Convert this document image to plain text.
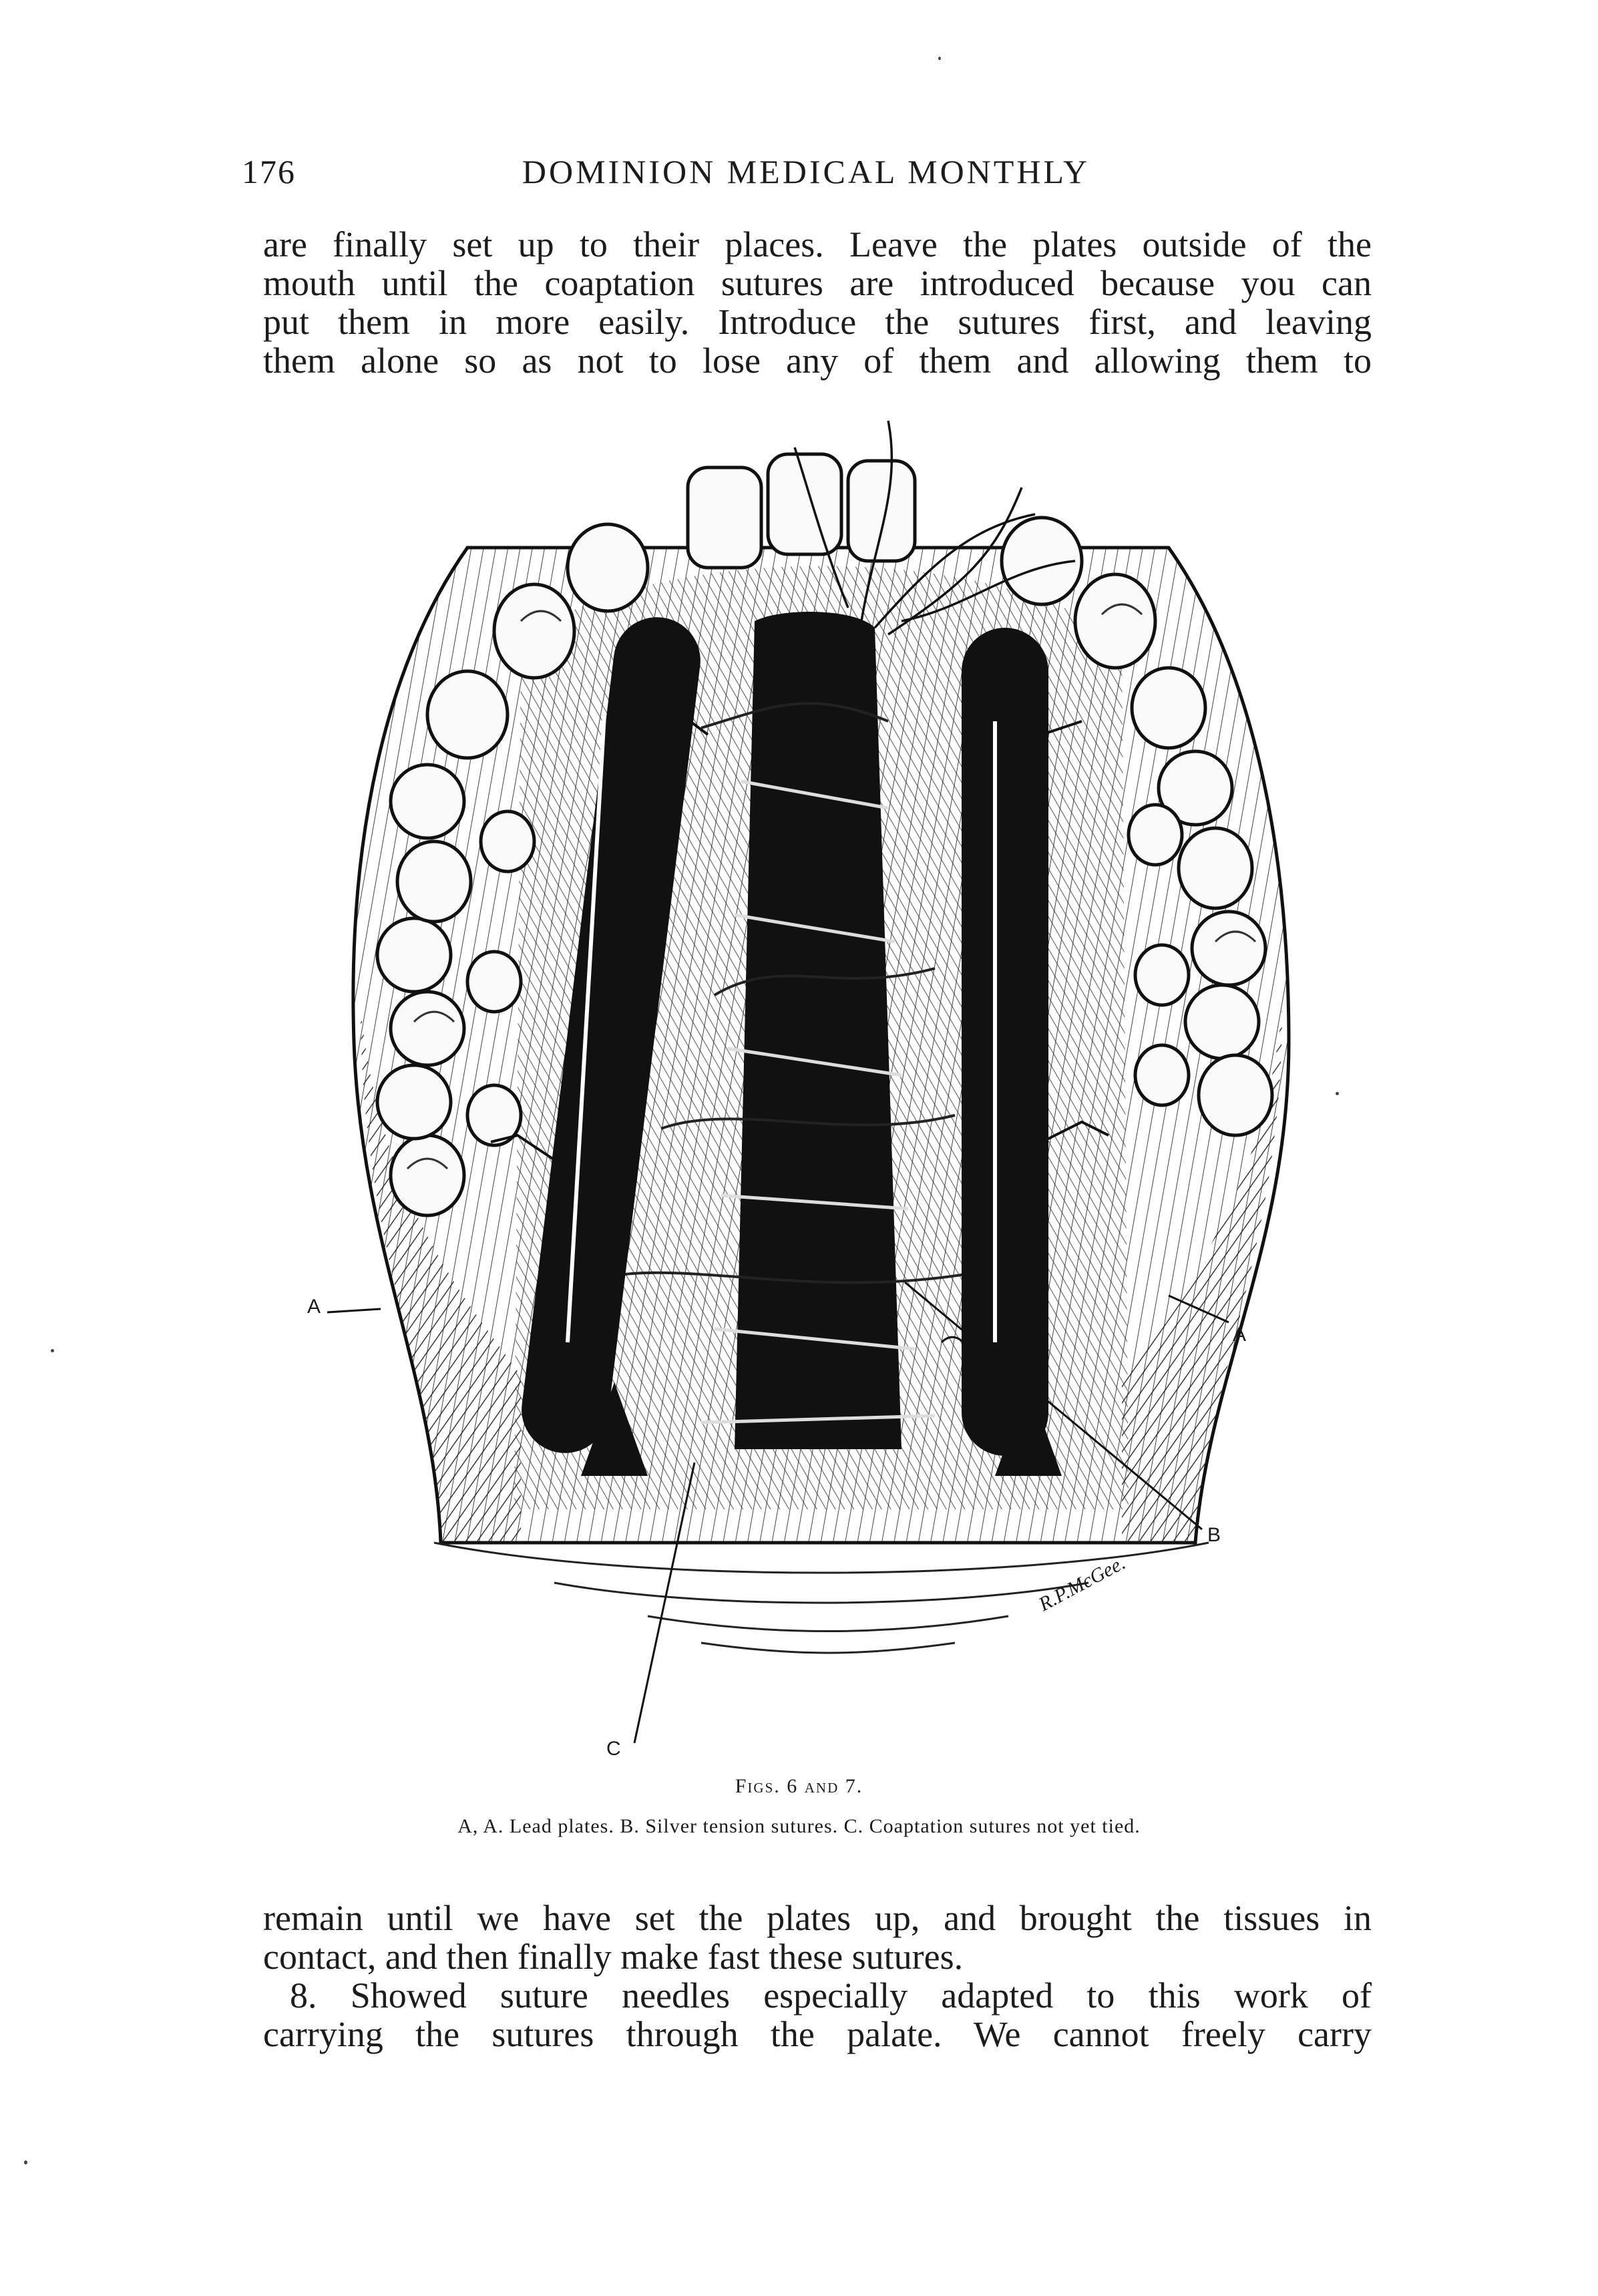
176	DOMINION MEDICAL MONTHLY
are finally set up to their places. Leave the plates outside of the
mouth until the coaptation sutures are introduced because you can
put them in more easily. Introduce the sutures first, and leaving
them alone so as not to lose any of them and allowing them to
A
A
B
C
R.P.McGee.
Figs. 6 and 7.
A, A. Lead plates. B. Silver tension sutures. C. Coaptation sutures not yet tied.
remain until we have set the plates up, and brought the tissues in
contact, and then finally make fast these sutures.
8. Showed suture needles especially adapted to this work of
carrying the sutures through the palate. We cannot freely carry
